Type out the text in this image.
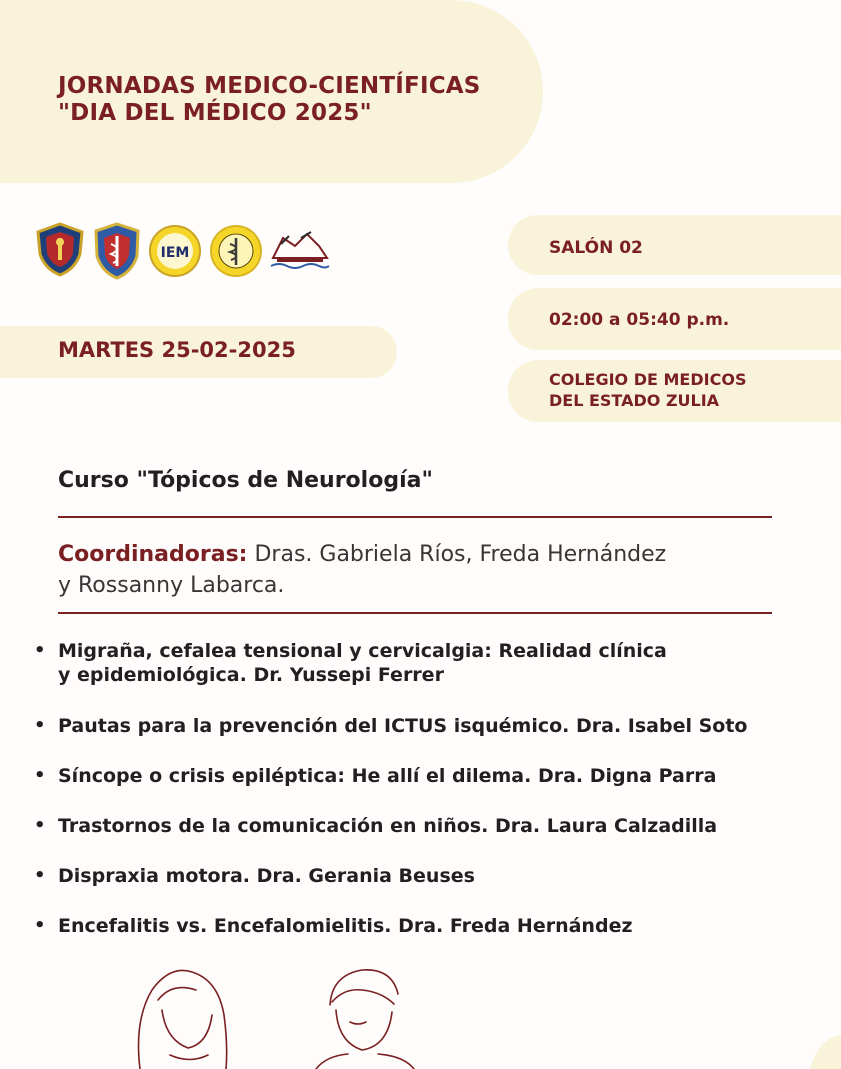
JORNADAS MEDICO-CIENTÍFICAS
"DIA DEL MÉDICO 2025"
IEM
MARTES 25-02-2025
SALÓN 02
02:00 a 05:40 p.m.
COLEGIO DE MEDICOS
DEL ESTADO ZULIA
Curso "Tópicos de Neurología"
Coordinadoras: Dras. Gabriela Ríos, Freda Hernández
y Rossanny Labarca.
• Migraña, cefalea tensional y cervicalgia: Realidad clínica
y epidemiológica. Dr. Yussepi Ferrer
• Pautas para la prevención del ICTUS isquémico. Dra. Isabel Soto
• Síncope o crisis epiléptica: He allí el dilema. Dra. Digna Parra
• Trastornos de la comunicación en niños. Dra. Laura Calzadilla
• Dispraxia motora. Dra. Gerania Beuses
• Encefalitis vs. Encefalomielitis. Dra. Freda Hernández
